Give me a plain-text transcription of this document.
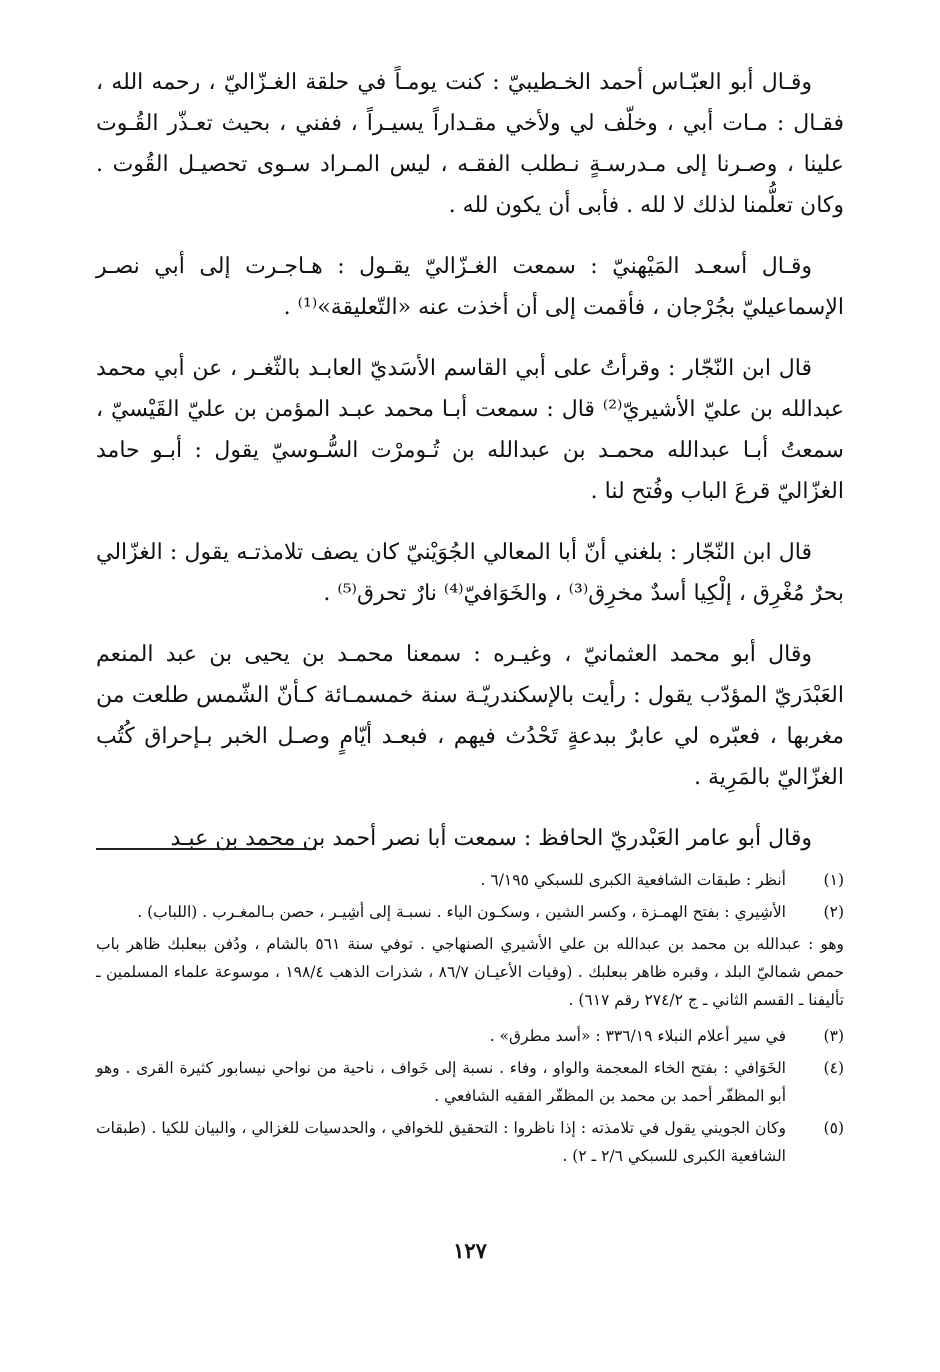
وقـال أبو العبّـاس أحمد الخـطيبيّ : كنت يومـاً في حلقة الغـزّاليّ ، رحمه الله ، فقـال : مـات أبي ، وخلّف لي ولأخي مقـداراً يسيـراً ، ففني ، بحيث تعـذّر القُـوت علينا ، وصـرنا إلى مـدرسـةٍ نـطلب الفقـه ، ليس المـراد سـوى تحصيـل القُوت . وكان تعلُّمنا لذلك لا لله . فأبى أن يكون لله .

وقـال أسعـد المَيْهنيّ : سمعت الغـزّاليّ يقـول : هـاجـرت إلى أبي نصـر الإسماعيليّ بجُرْجان ، فأقمت إلى أن أخذت عنه «التّعليقة»⁽¹⁾ .

قال ابن النّجّار : وقرأتُ على أبي القاسم الأسَديّ العابـد بالثّغـر ، عن أبي محمد عبدالله بن عليّ الأشيريّ⁽²⁾ قال : سمعت أبـا محمد عبـد المؤمن بن عليّ القَيْسيّ ، سمعتُ أبـا عبدالله محمـد بن عبدالله بن تُـومرْت السُّـوسيّ يقول : أبـو حامد الغزّاليّ قرعَ الباب وفُتح لنا .

قال ابن النّجّار : بلغني أنّ أبا المعالي الجُوَيْنيّ كان يصف تلامذتـه يقول : الغزّالي بحرٌ مُغْرِق ، إلْكِيا أسدٌ مخرِق⁽³⁾ ، والخَوَافيّ⁽⁴⁾ نارٌ تحرق⁽⁵⁾ .

وقال أبو محمد العثمانيّ ، وغيـره : سمعنا محمـد بن يحيى بن عبد المنعم العَبْدَريّ المؤدّب يقول : رأيت بالإسكندريّـة سنة خمسمـائة كـأنّ الشّمس طلعت من مغربها ، فعبّره لي عابرٌ ببدعةٍ تَحْدُث فيهم ، فبعـد أيّامٍ وصـل الخبر بـإحراق كُتُب الغزّاليّ بالمَرِية .

وقال أبو عامر العَبْدريّ الحافظ : سمعت أبا نصر أحمد بن محمد بن عبـد

(١)
أنظر : طبقات الشافعية الكبرى للسبكي ٦/١٩٥ .
(٢)
الأشِيري : بفتح الهمـزة ، وكسر الشين ، وسكـون الياء . نسبـة إلى أشِيـر ، حصن بـالمغـرب . (اللباب) .
وهو : عبدالله بن محمد بن عبدالله بن علي الأشيري الصنهاجي . توفي سنة ٥٦١ بالشام ، ودُفن ببعلبك ظاهر باب حمص شماليّ البلد ، وقبره ظاهر ببعلبك . (وفيات الأعيـان ٨٦/٧ ، شذرات الذهب ١٩٨/٤ ، موسوعة علماء المسلمين ـ تأليفنا ـ القسم الثاني ـ ج ٢٧٤/٢ رقم ٦١٧) .
(٣)
في سير أعلام النبلاء ٣٣٦/١٩ : «أسد مطرق» .
(٤)
الخَوَافي : بفتح الخاء المعجمة والواو ، وفاء . نسبة إلى خَواف ، ناحية من نواحي نيسابور كثيرة القرى . وهو أبو المظفّر أحمد بن محمد بن المظفّر الفقيه الشافعي .
(٥)
وكان الجويني يقول في تلامذته : إذا ناظروا : التحقيق للخوافي ، والحدسيات للغزالي ، والبيان للكيا . (طبقات الشافعية الكبرى للسبكي ٢/٦ ـ ٢) .
١٢٧
